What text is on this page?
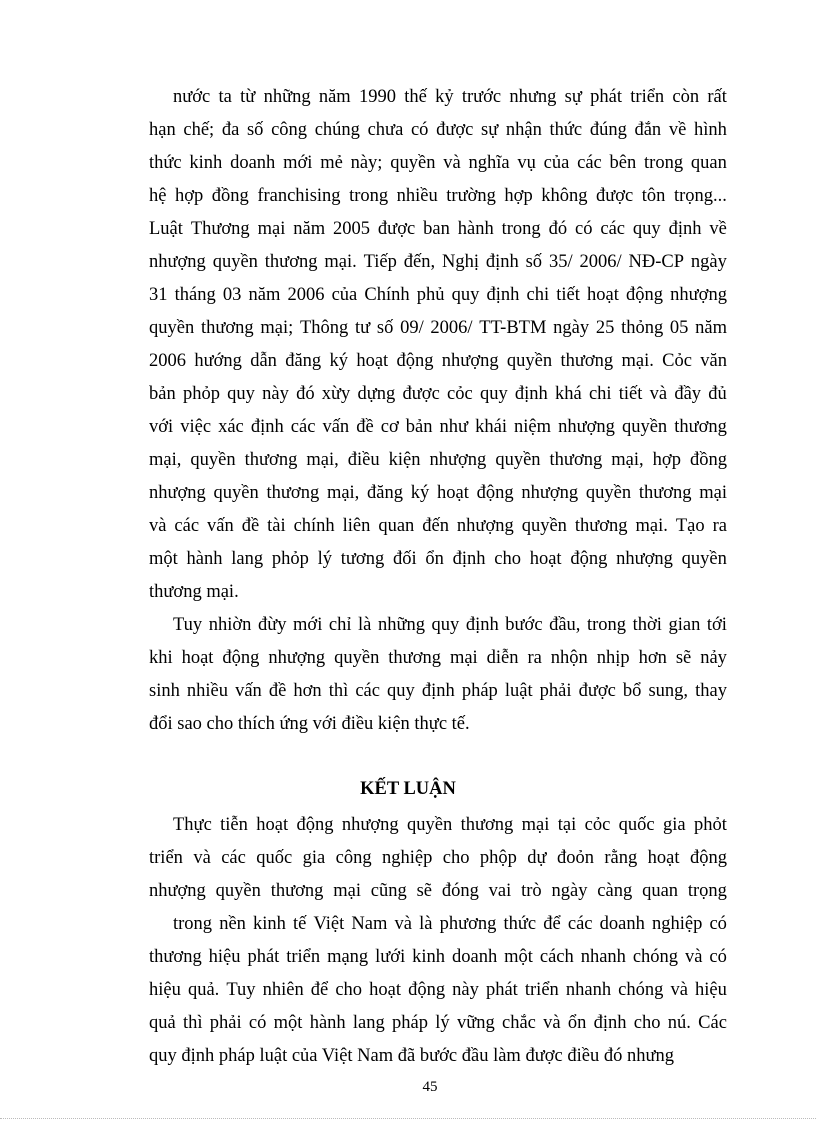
nước ta từ những năm 1990 thế kỷ trước nhưng sự phát triển còn rất
hạn chế; đa số công chúng chưa có được sự nhận thức đúng đắn về hình
thức kinh doanh mới mẻ này; quyền và nghĩa vụ của các bên trong quan
hệ hợp đồng franchising trong nhiều trường hợp không được tôn trọng...
Luật Thương mại năm 2005 được ban hành trong đó có các quy định về
nhượng quyền thương mại. Tiếp đến, Nghị định số 35/ 2006/ NĐ-CP ngày
31 tháng 03 năm 2006 của Chính phủ quy định chi tiết hoạt động nhượng
quyền thương mại; Thông tư số 09/ 2006/ TT-BTM ngày 25 thỏng 05 năm
2006 hướng dẫn đăng ký hoạt động nhượng quyền thương mại. Cỏc văn
bản phỏp quy này đó xừy dựng được cỏc quy định khá chi tiết và đầy đủ
với việc xác định các vấn đề cơ bản như khái niệm nhượng quyền thương
mại, quyền thương mại, điều kiện nhượng quyền thương mại, hợp đồng
nhượng quyền thương mại, đăng ký hoạt động nhượng quyền thương mại
và các vấn đề tài chính liên quan đến nhượng quyền thương mại. Tạo ra
một hành lang phỏp lý tương đối ổn định cho hoạt động nhượng quyền
thương mại.
Tuy nhiờn đừy mới chỉ là những quy định bước đầu, trong thời gian tới
khi hoạt động nhượng quyền thương mại diễn ra nhộn nhịp hơn sẽ nảy
sinh nhiều vấn đề hơn thì các quy định pháp luật phải được bổ sung, thay
đổi sao cho thích ứng với điều kiện thực tế.
KẾT LUẬN
Thực tiễn hoạt động nhượng quyền thương mại tại cỏc quốc gia phỏt
triển và các quốc gia công nghiệp cho phộp dự đoỏn rằng hoạt động
nhượng quyền thương mại cũng sẽ đóng vai trò ngày càng quan trọng
trong nền kinh tế Việt Nam và là phương thức để các doanh nghiệp có
thương hiệu phát triển mạng lưới kinh doanh một cách nhanh chóng và có
hiệu quả. Tuy nhiên để cho hoạt động này phát triển nhanh chóng và hiệu
quả thì phải có một hành lang pháp lý vững chắc và ổn định cho nú. Các
quy định pháp luật của Việt Nam đã bước đầu làm được điều đó nhưng
45
